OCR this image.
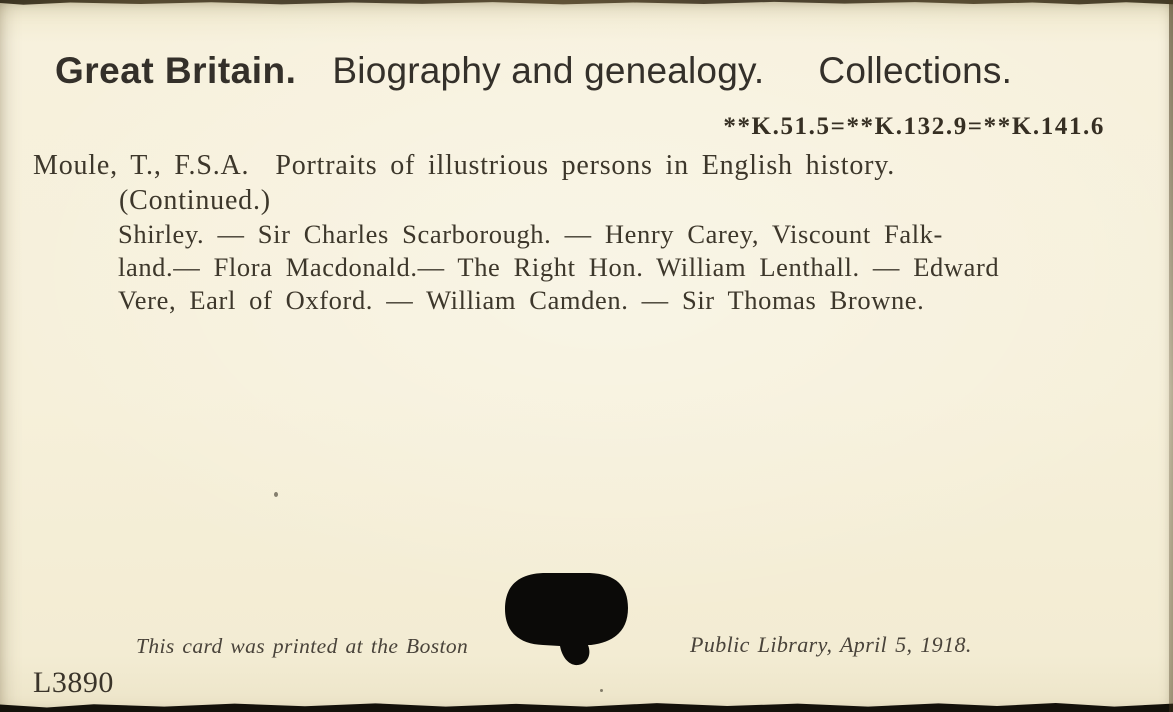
Great Britain. Biography and genealogy. Collections.
**K.51.5=**K.132.9=**K.141.6
Moule, T., F.S.A. Portraits of illustrious persons in English history.
(Continued.)
Shirley. — Sir Charles Scarborough. — Henry Carey, Viscount Falk-
land.— Flora Macdonald.— The Right Hon. William Lenthall. — Edward
Vere, Earl of Oxford. — William Camden. — Sir Thomas Browne.
This card was printed at the Boston	Public Library, April 5, 1918.
L3890
